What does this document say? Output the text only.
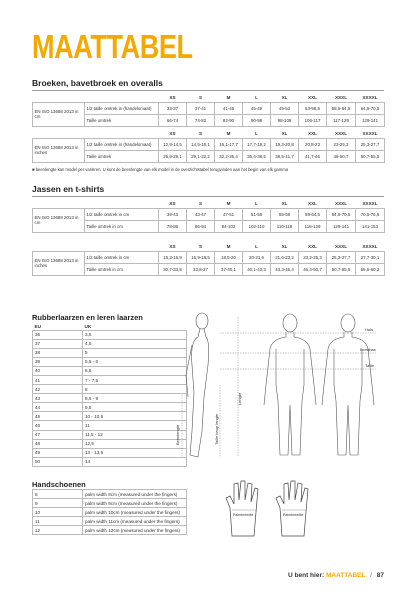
MAATTABEL
Broeken, bavetbroek en overalls
		XS	S	M	L	XL	XXL	XXXL	XXXXL
EN ISO 13688 2013 in cm	1/2 taille omtrek in (handelsmaat)	33-37	37-41	41-45	45-49	49-53	53-58,5	58,5-64,5	64,5-70,5
	Taille omtrek	66-74	74-82	82-90	90-98	98-106	106-117	117-129	129-141
		XS	S	M	L	XL	XXL	XXXL	XXXXL
EN ISO 13688 2013 in inches	1/2 taille omtrek in (handelsmaat)	12,9-14,5	14,5-16,1	16,1-17,7	17,7-19,2	19,3-20,8	20,8-23	23-25,3	25,3-27,7
	Taille omtrek	25,9-29,1	29,1-32,2	32,2-35,4	35,4-38,5	38,5-41,7	41,7-46	46-50,7	50,7-55,5
■ beenlengte kan model per variëren. U kunt de beenlengte van elk model in de overzichtstabel terugvinden aan het begin van elk gamma
Jassen en t-shirts
		XS	S	M	L	XL	XXL	XXXL	XXXXL
EN ISO 13688 2013 in cm	1/2 taille omtrek in cm	39-43	43-47	47-51	51-55	55-59	59-64,5	64,5-70,5	70,5-76,5
	Taille omtrek in cm	78-86	86-94	94-102	102-110	110-118	118-129	129-141	141-153
		XS	S	M	L	XL	XXL	XXXL	XXXXL
EN ISO 13688 2013 in inches	1/2 taille omtrek in cm	15,3-16,9	16,9-18,5	18,5-20	20-21,6	21,6-23,2	23,2-25,3	25,3-27,7	27,7-30,1
	Taille omtrek in cm	30,7-33,8	33,8-37	37-40,1	40,1-43,3	43,3-46,4	46,4-50,7	50,7-55,5	55,5-60,2
Rubberlaarzen en leren laarzen
EU	UK
36	3,5
37	4,5
38	5
39	5,5 - 6
40	6,5
41	7 - 7,5
42	8
43	8,5 - 9
44	9,5
45	10 - 10,5
46	11
47	11,5 - 12
48	12,5
49	13 - 13,5
50	14
Handschoenen
8	palm width 8cm (measured under the fingers)
9	palm width 9cm (measured under the fingers)
10	palm width 10cm (measured under the fingers)
11	palm width 11cm (measured under the fingers)
12	palm width 12cm (measured under the fingers)
Hals
Borstbas
Taille
Lengte
Taille heup lengte
Beenlengte
Palmbreedte	Palmbreedte
U bent hier: MAATTABEL / 87
